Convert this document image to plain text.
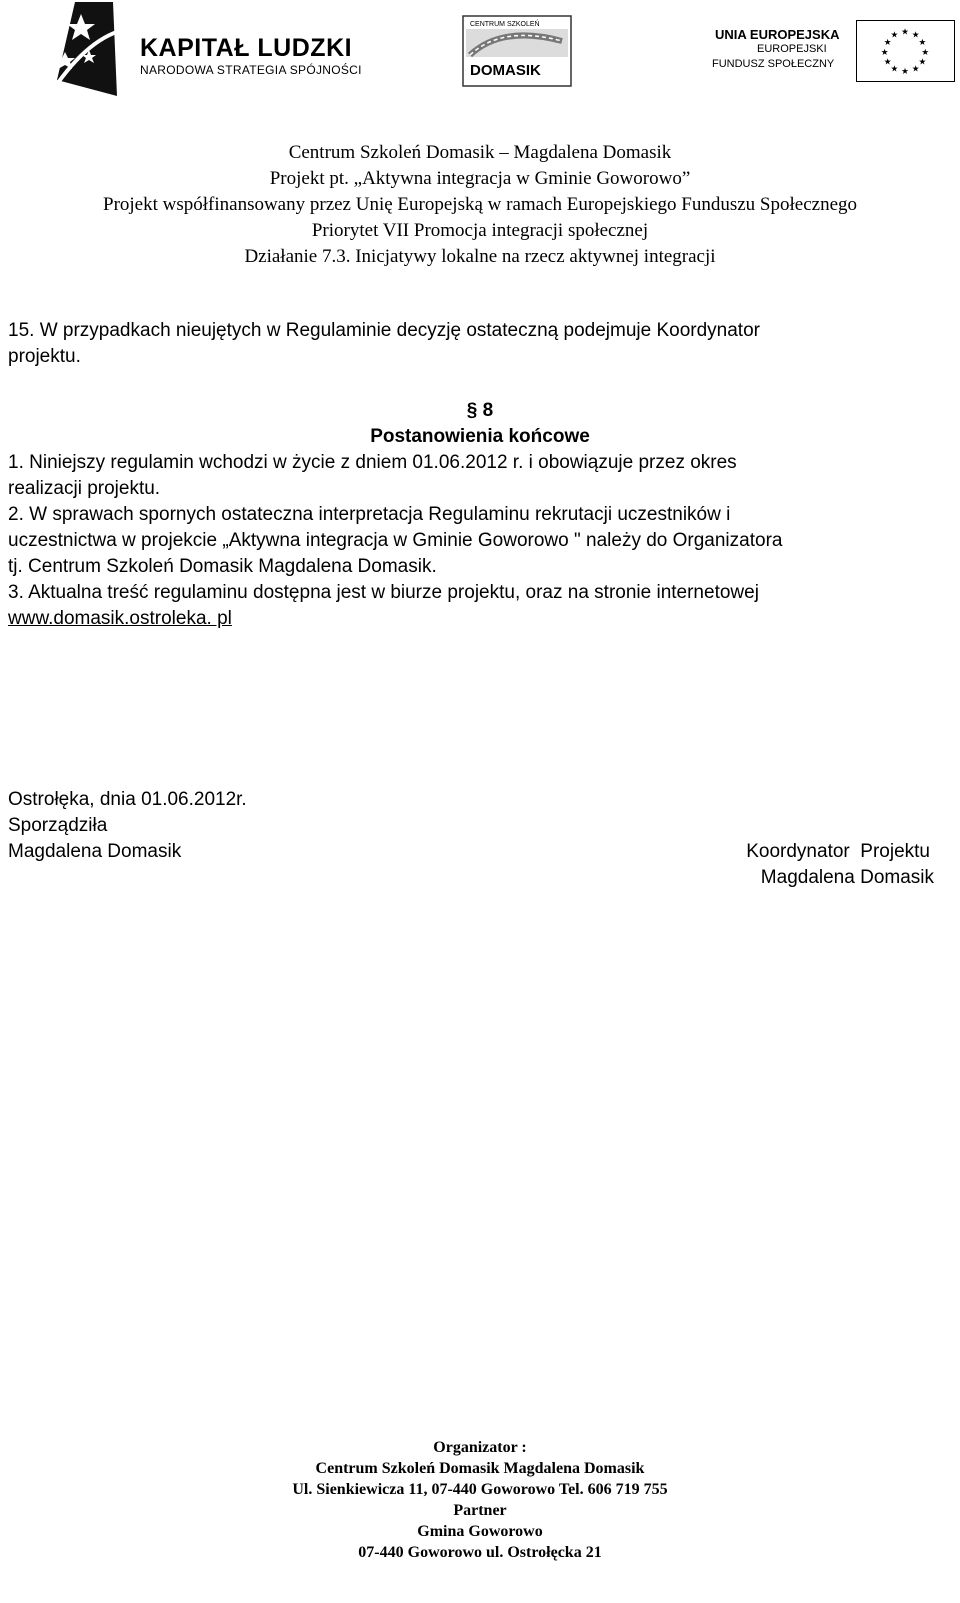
KAPITAŁ LUDZKI
NARODOWA STRATEGIA SPÓJNOŚCI
CENTRUM SZKOLEŃ
DOMASIK
UNIA EUROPEJSKA
EUROPEJSKI
FUNDUSZ SPOŁECZNY
★ ★
★
★
★
★
★
★
★
★
★
★
Centrum Szkoleń Domasik – Magdalena Domasik
Projekt pt. „Aktywna integracja w Gminie Goworowo”
Projekt współfinansowany przez Unię Europejską w ramach Europejskiego Funduszu Społecznego
Priorytet VII Promocja integracji społecznej
Działanie 7.3. Inicjatywy lokalne na rzecz aktywnej integracji
15. W przypadkach nieujętych w Regulaminie decyzję ostateczną podejmuje Koordynator
projektu.
§ 8
Postanowienia końcowe
1. Niniejszy regulamin wchodzi w życie z dniem 01.06.2012 r. i obowiązuje przez okres
realizacji projektu.
2. W sprawach spornych ostateczna interpretacja Regulaminu rekrutacji uczestników i
uczestnictwa w projekcie „Aktywna integracja w Gminie Goworowo " należy do Organizatora
tj. Centrum Szkoleń Domasik Magdalena Domasik.
3. Aktualna treść regulaminu dostępna jest w biurze projektu, oraz na stronie internetowej
www.domasik.ostroleka. pl
Ostrołęka, dnia 01.06.2012r.
Sporządziła
Magdalena Domasik	Koordynator  Projektu
Magdalena Domasik
Organizator :
Centrum Szkoleń Domasik Magdalena Domasik
Ul. Sienkiewicza 11, 07-440 Goworowo Tel. 606 719 755
Partner
Gmina Goworowo
07-440 Goworowo ul. Ostrołęcka 21
